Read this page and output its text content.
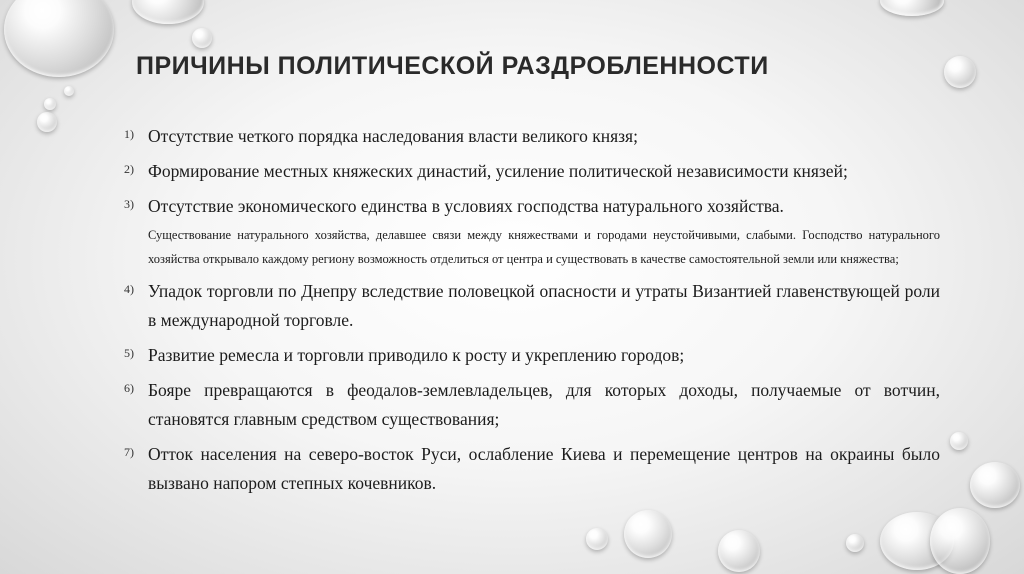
ПРИЧИНЫ ПОЛИТИЧЕСКОЙ РАЗДРОБЛЕННОСТИ
1) Отсутствие четкого порядка наследования власти великого князя;
2) Формирование местных княжеских династий, усиление политической независимости князей;
3) Отсутствие экономического единства в условиях господства натурального хозяйства.
Существование натурального хозяйства, делавшее связи между княжествами и городами неустойчивыми, слабыми. Господство натурального хозяйства открывало каждому региону возможность отделиться от центра и существовать в качестве самостоятельной земли или княжества;
4) Упадок торговли по Днепру вследствие половецкой опасности и утраты Византией главенствующей роли в международной торговле.
5) Развитие ремесла и торговли приводило к росту и укреплению городов;
6) Бояре превращаются в феодалов-землевладельцев, для которых доходы, получаемые от вотчин, становятся главным средством существования;
7) Отток населения на северо-восток Руси, ослабление Киева и перемещение центров на окраины было вызвано напором степных кочевников.
